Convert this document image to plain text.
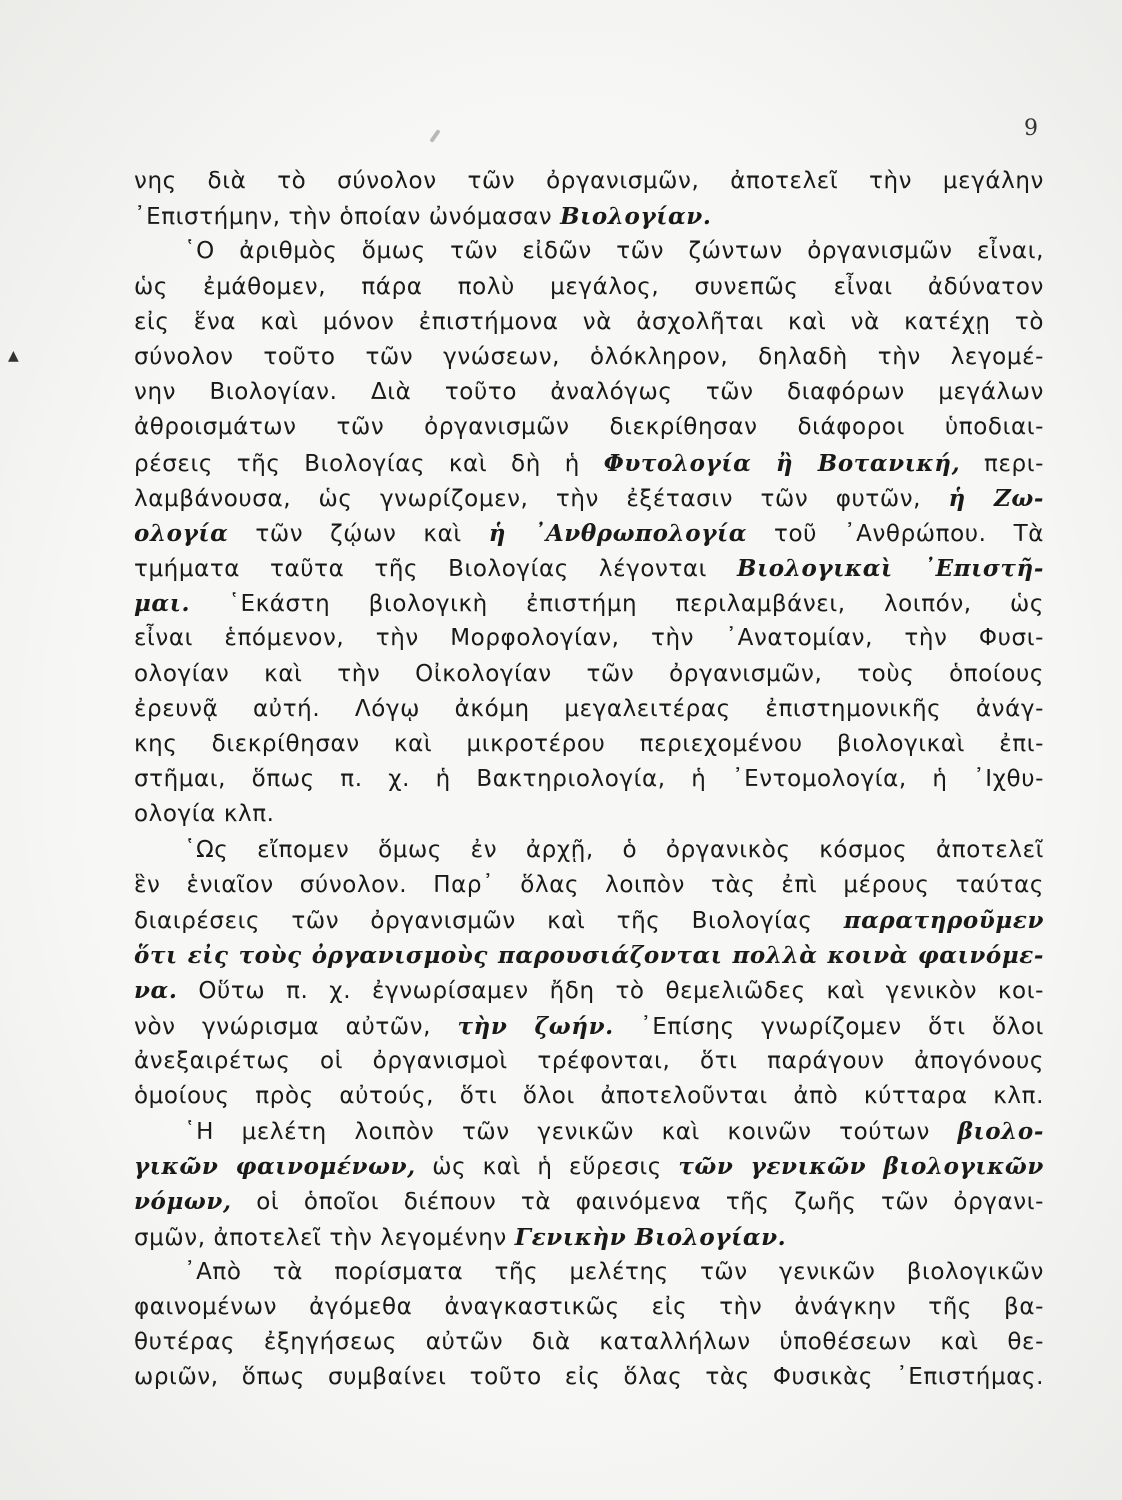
9
▲
νης διὰ τὸ σύνολον τῶν ὀργανισμῶν, ἀποτελεῖ τὴν μεγάλην
᾿Επιστήμην, τὴν ὁποίαν ὠνόμασαν Βιολογίαν.
῾Ο ἀριθμὸς ὅμως τῶν εἰδῶν τῶν ζώντων ὀργανισμῶν εἶναι,
ὡς ἐμάθομεν, πάρα πολὺ μεγάλος, συνεπῶς εἶναι ἀδύνατον
εἰς ἕνα καὶ μόνον ἐπιστήμονα νὰ ἀσχολῆται καὶ νὰ κατέχῃ τὸ
σύνολον τοῦτο τῶν γνώσεων, ὁλόκληρον, δηλαδὴ τὴν λεγομέ-
νην Βιολογίαν. Διὰ τοῦτο ἀναλόγως τῶν διαφόρων μεγάλων
ἀθροισμάτων τῶν ὀργανισμῶν διεκρίθησαν διάφοροι ὑποδιαι-
ρέσεις τῆς Βιολογίας καὶ δὴ ἡ Φυτολογία ἢ Βοτανική, περι-
λαμβάνουσα, ὡς γνωρίζομεν, τὴν ἐξέτασιν τῶν φυτῶν, ἡ Ζω-
ολογία τῶν ζῴων καὶ ἡ ᾿Ανθρωπολογία τοῦ ᾿Ανθρώπου. Τὰ
τμήματα ταῦτα τῆς Βιολογίας λέγονται Βιολογικαὶ ᾿Επιστῆ-
μαι. ῾Εκάστη βιολογικὴ ἐπιστήμη περιλαμβάνει, λοιπόν, ὡς
εἶναι ἑπόμενον, τὴν Μορφολογίαν, τὴν ᾿Ανατομίαν, τὴν Φυσι-
ολογίαν καὶ τὴν Οἰκολογίαν τῶν ὀργανισμῶν, τοὺς ὁποίους
ἐρευνᾷ αὐτή. Λόγῳ ἀκόμη μεγαλειτέρας ἐπιστημονικῆς ἀνάγ-
κης διεκρίθησαν καὶ μικροτέρου περιεχομένου βιολογικαὶ ἐπι-
στῆμαι, ὅπως π. χ. ἡ Βακτηριολογία, ἡ ᾿Εντομολογία, ἡ ᾿Ιχθυ-
ολογία κλπ.
῾Ως εἴπομεν ὅμως ἐν ἀρχῇ, ὁ ὀργανικὸς κόσμος ἀποτελεῖ
ἓν ἑνιαῖον σύνολον. Παρ᾿ ὅλας λοιπὸν τὰς ἐπὶ μέρους ταύτας
διαιρέσεις τῶν ὀργανισμῶν καὶ τῆς Βιολογίας παρατηροῦμεν
ὅτι εἰς τοὺς ὀργανισμοὺς παρουσιάζονται πολλὰ κοινὰ φαινόμε-
να. Οὕτω π. χ. ἐγνωρίσαμεν ἤδη τὸ θεμελιῶδες καὶ γενικὸν κοι-
νὸν γνώρισμα αὐτῶν, τὴν ζωήν. ᾿Επίσης γνωρίζομεν ὅτι ὅλοι
ἀνεξαιρέτως οἱ ὀργανισμοὶ τρέφονται, ὅτι παράγουν ἀπογόνους
ὁμοίους πρὸς αὐτούς, ὅτι ὅλοι ἀποτελοῦνται ἀπὸ κύτταρα κλπ.
῾Η μελέτη λοιπὸν τῶν γενικῶν καὶ κοινῶν τούτων βιολο-
γικῶν φαινομένων, ὡς καὶ ἡ εὕρεσις τῶν γενικῶν βιολογικῶν
νόμων, οἱ ὁποῖοι διέπουν τὰ φαινόμενα τῆς ζωῆς τῶν ὀργανι-
σμῶν, ἀποτελεῖ τὴν λεγομένην Γενικὴν Βιολογίαν.
᾿Απὸ τὰ πορίσματα τῆς μελέτης τῶν γενικῶν βιολογικῶν
φαινομένων ἀγόμεθα ἀναγκαστικῶς εἰς τὴν ἀνάγκην τῆς βα-
θυτέρας ἐξηγήσεως αὐτῶν διὰ καταλλήλων ὑποθέσεων καὶ θε-
ωριῶν, ὅπως συμβαίνει τοῦτο εἰς ὅλας τὰς Φυσικὰς ᾿Επιστήμας.
